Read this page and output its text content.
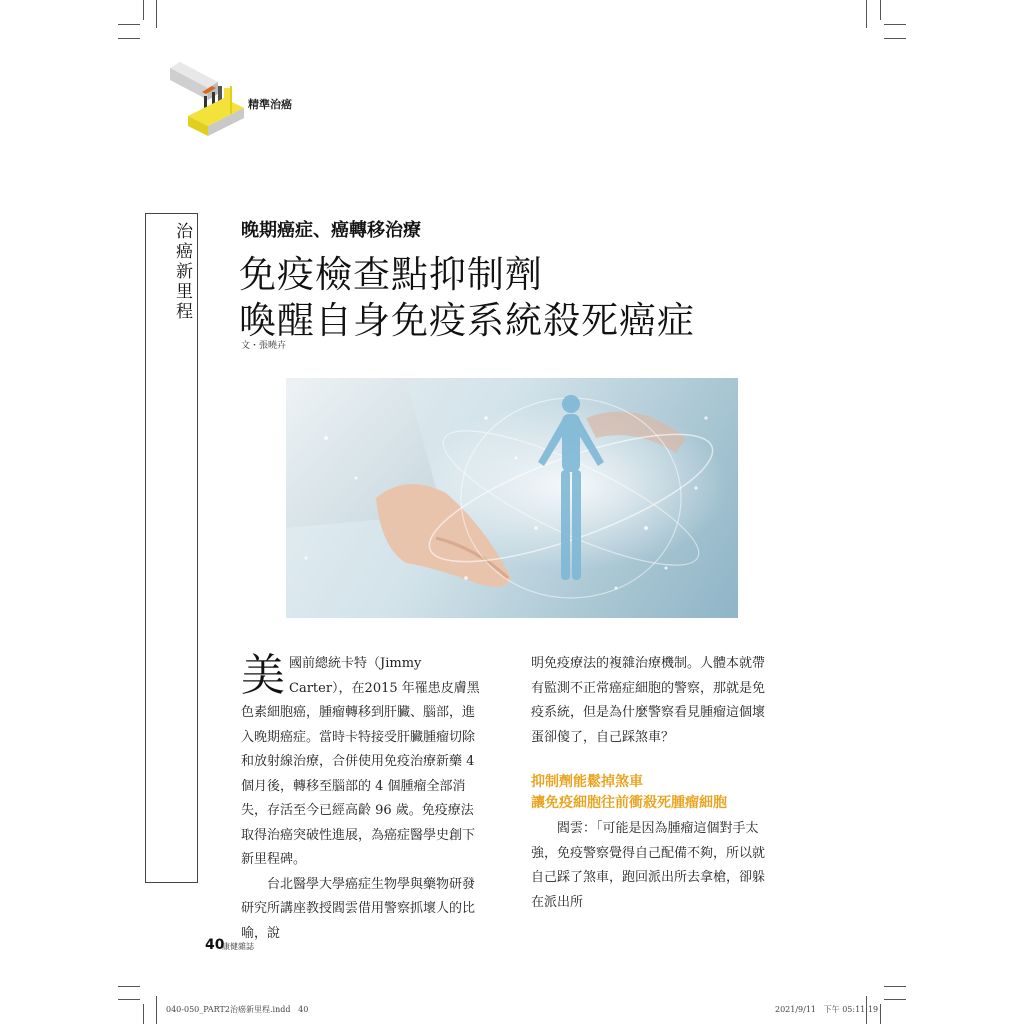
精準治癌
治癌新里程
晚期癌症、癌轉移治療
免疫檢查點抑制劑
喚醒自身免疫系統殺死癌症
文・張曉卉

美國前總統卡特（Jimmy Carter），在2015 年罹患皮膚黑色素細胞癌，腫瘤轉移到肝臟、腦部，進入晚期癌症。當時卡特接受肝臟腫瘤切除和放射線治療，合併使用免疫治療新藥 4 個月後，轉移至腦部的 4 個腫瘤全部消失，存活至今已經高齡 96 歲。免疫療法取得治癌突破性進展，為癌症醫學史創下新里程碑。

台北醫學大學癌症生物學與藥物研發研究所講座教授閻雲借用警察抓壞人的比喻，說

明免疫療法的複雜治療機制。人體本就帶有監測不正常癌症細胞的警察，那就是免疫系統，但是為什麼警察看見腫瘤這個壞蛋卻傻了，自己踩煞車？

抑制劑能鬆掉煞車
讓免疫細胞往前衝殺死腫瘤細胞

閻雲：「可能是因為腫瘤這個對手太強，免疫警察覺得自己配備不夠，所以就自己踩了煞車，跑回派出所去拿槍，卻躲在派出所

40
康健雜誌
040-050_PART2治癌新里程.indd   40	2021/9/11   下午 05:11:19
